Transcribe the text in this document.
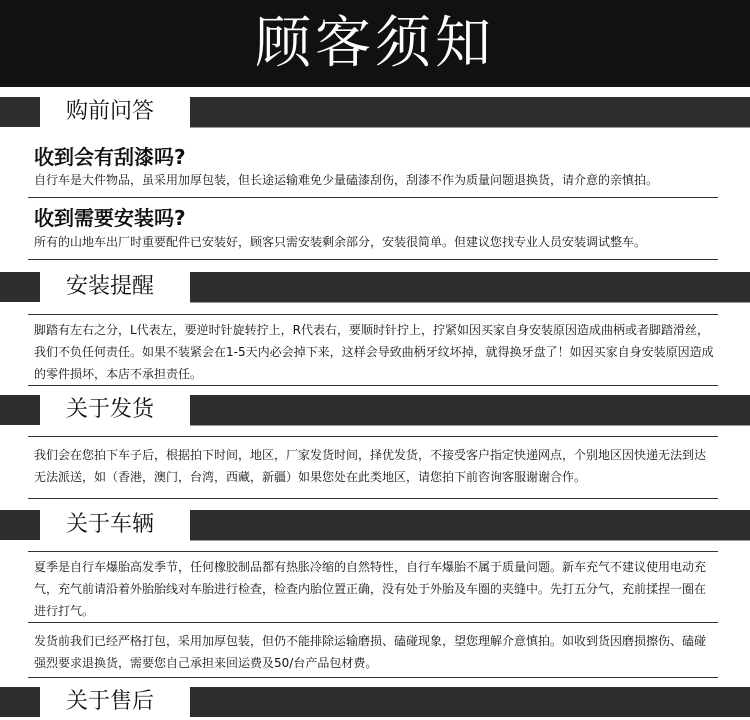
顾客须知
购前问答
收到会有刮漆吗?
自行车是大件物品，虽采用加厚包装，但长途运输难免少量磕漆刮伤，刮漆不作为质量问题退换货，请介意的亲慎拍。
收到需要安装吗?
所有的山地车出厂时重要配件已安装好，顾客只需安装剩余部分，安装很简单。但建议您找专业人员安装调试整车。
安装提醒
脚踏有左右之分，L代表左，要逆时针旋转拧上，R代表右，要顺时针拧上，拧紧如因买家自身安装原因造成曲柄或者脚踏滑丝，我们不负任何责任。如果不装紧会在1-5天内必会掉下来，这样会导致曲柄牙纹坏掉，就得换牙盘了！如因买家自身安装原因造成的零件损坏，本店不承担责任。
关于发货
我们会在您拍下车子后，根据拍下时间，地区，厂家发货时间，择优发货，不接受客户指定快递网点，个别地区因快递无法到达无法派送，如（香港，澳门，台湾，西藏，新疆）如果您处在此类地区，请您拍下前咨询客服谢谢合作。
关于车辆
夏季是自行车爆胎高发季节，任何橡胶制品都有热胀冷缩的自然特性，自行车爆胎不属于质量问题。新车充气不建议使用电动充气，充气前请沿着外胎胎线对车胎进行检查，检查内胎位置正确，没有处于外胎及车圈的夹缝中。先打五分气，充前揉捏一圈在进行打气。
发货前我们已经严格打包，采用加厚包装，但仍不能排除运输磨损、磕碰现象，望您理解介意慎拍。如收到货因磨损擦伤、磕碰强烈要求退换货，需要您自己承担来回运费及50/台产品包材费。
关于售后
